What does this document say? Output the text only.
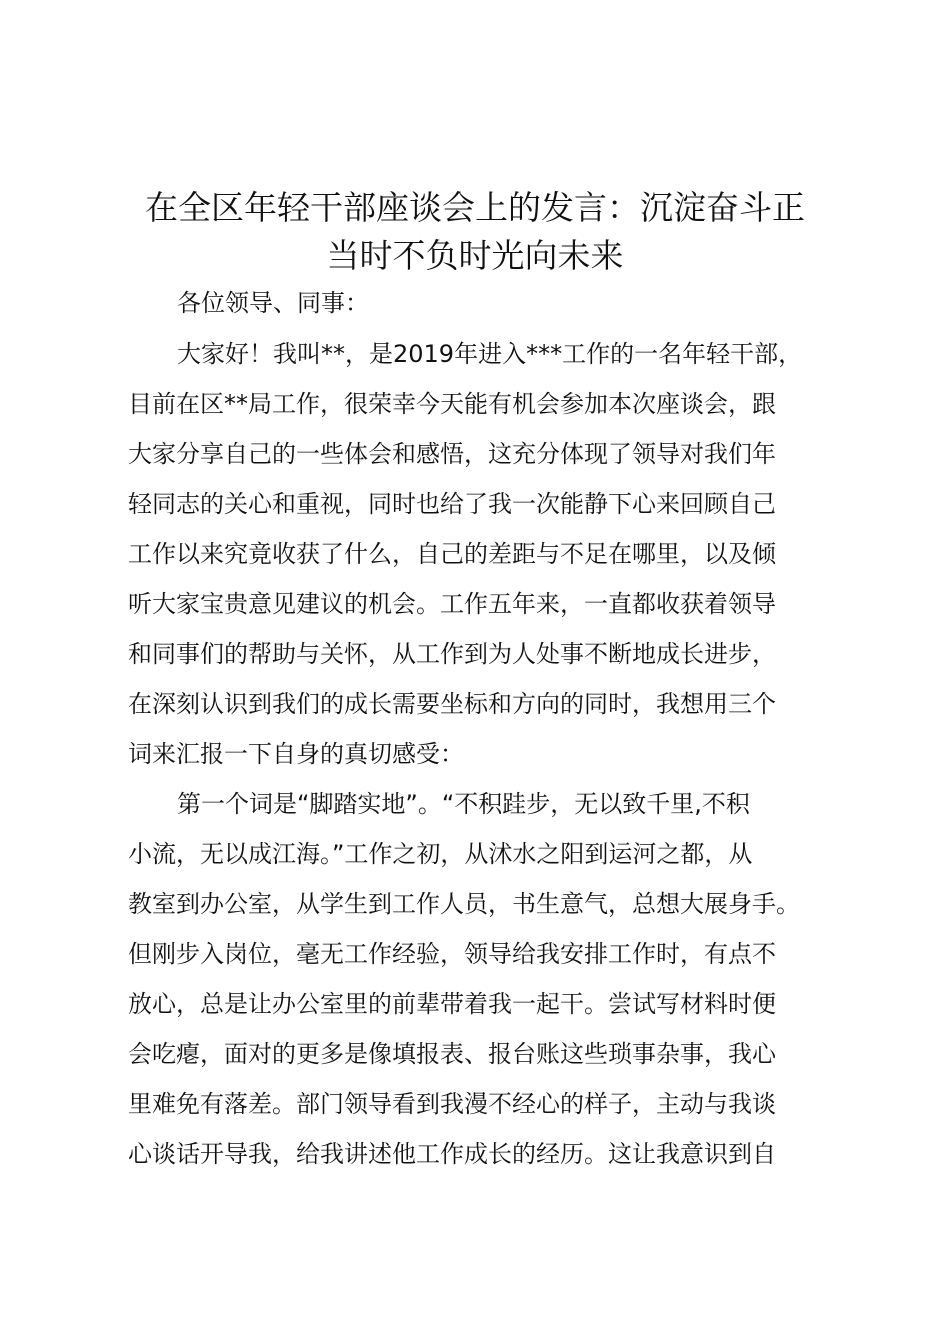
在全区年轻干部座谈会上的发言：沉淀奋斗正
当时不负时光向未来

各位领导、同事：

大家好！我叫**，是2019年进入***工作的一名年轻干部，

目前在区**局工作，很荣幸今天能有机会参加本次座谈会，跟

大家分享自己的一些体会和感悟，这充分体现了领导对我们年

轻同志的关心和重视，同时也给了我一次能静下心来回顾自己

工作以来究竟收获了什么，自己的差距与不足在哪里，以及倾

听大家宝贵意见建议的机会。工作五年来，一直都收获着领导

和同事们的帮助与关怀，从工作到为人处事不断地成长进步，

在深刻认识到我们的成长需要坐标和方向的同时，我想用三个

词来汇报一下自身的真切感受：

第一个词是“脚踏实地”。“不积跬步，无以致千里,不积

小流，无以成江海。”工作之初，从沭水之阳到运河之都，从

教室到办公室，从学生到工作人员，书生意气，总想大展身手。

但刚步入岗位，毫无工作经验，领导给我安排工作时，有点不

放心，总是让办公室里的前辈带着我一起干。尝试写材料时便

会吃瘪，面对的更多是像填报表、报台账这些琐事杂事，我心

里难免有落差。部门领导看到我漫不经心的样子，主动与我谈

心谈话开导我，给我讲述他工作成长的经历。这让我意识到自
